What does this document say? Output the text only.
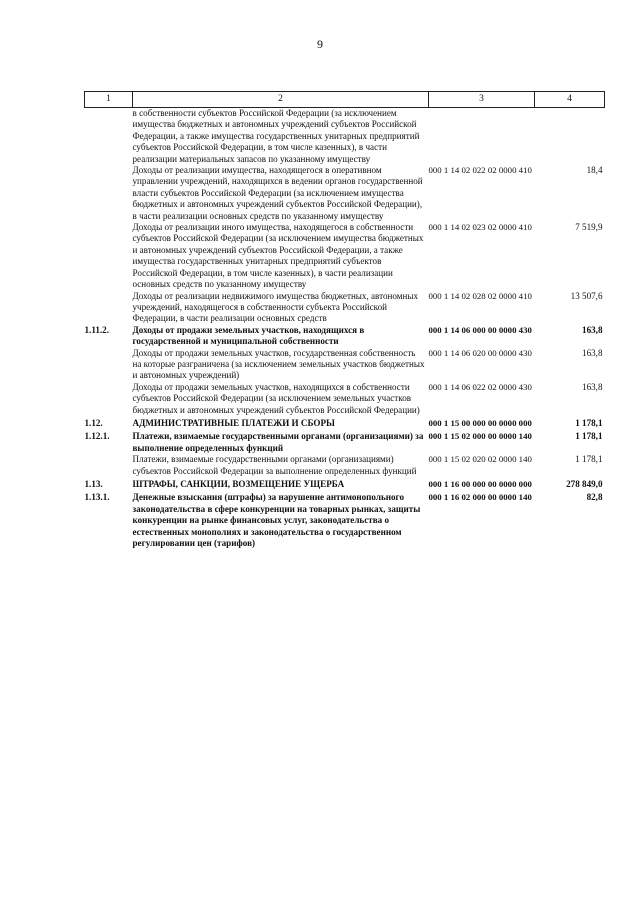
9
1	2	3	4
	в собственности субъектов Российской Федерации (за исключением имущества бюджетных и автономных учреждений субъектов Российской Федерации, а также имущества государственных унитарных предприятий субъектов Российской Федерации, в том числе казенных), в части реализации материальных запасов по указанному имуществу		
	Доходы от реализации имущества, находящегося в оперативном управлении учреждений, находящихся в ведении органов государственной власти субъектов Российской Федерации (за исключением имущества бюджетных и автономных учреждений субъектов Российской Федерации), в части реализации основных средств по указанному имуществу	000 1 14 02 022 02 0000 410	18,4
	Доходы от реализации иного имущества, находящегося в собственности субъектов Российской Федерации (за исключением имущества бюджетных и автономных учреждений субъектов Российской Федерации, а также имущества государственных унитарных предприятий субъектов Российской Федерации, в том числе казенных), в части реализации основных средств по указанному имуществу	000 1 14 02 023 02 0000 410	7 519,9
	Доходы от реализации недвижимого имущества бюджетных, автономных учреждений, находящегося в собственности субъекта Российской Федерации, в части реализации основных средств	000 1 14 02 028 02 0000 410	13 507,6
1.11.2.	Доходы от продажи земельных участков, находящихся в государственной и муниципальной собственности	000 1 14 06 000 00 0000 430	163,8
	Доходы от продажи земельных участков, государственная собственность на которые разграничена (за исключением земельных участков бюджетных и автономных учреждений)	000 1 14 06 020 00 0000 430	163,8
	Доходы от продажи земельных участков, находящихся в собственности субъектов Российской Федерации (за исключением земельных участков бюджетных и автономных учреждений субъектов Российской Федерации)	000 1 14 06 022 02 0000 430	163,8
1.12.	АДМИНИСТРАТИВНЫЕ ПЛАТЕЖИ И СБОРЫ	000 1 15 00 000 00 0000 000	1 178,1
1.12.1.	Платежи, взимаемые государственными органами (организациями) за выполнение определенных функций	000 1 15 02 000 00 0000 140	1 178,1
	Платежи, взимаемые государственными органами (организациями) субъектов Российской Федерации за выполнение определенных функций	000 1 15 02 020 02 0000 140	1 178,1
1.13.	ШТРАФЫ, САНКЦИИ, ВОЗМЕЩЕНИЕ УЩЕРБА	000 1 16 00 000 00 0000 000	278 849,0
1.13.1.	Денежные взыскания (штрафы) за нарушение антимонопольного законодательства в сфере конкуренции на товарных рынках, защиты конкуренции на рынке финансовых услуг, законодательства о естественных монополиях и законодательства о государственном регулировании цен (тарифов)	000 1 16 02 000 00 0000 140	82,8
